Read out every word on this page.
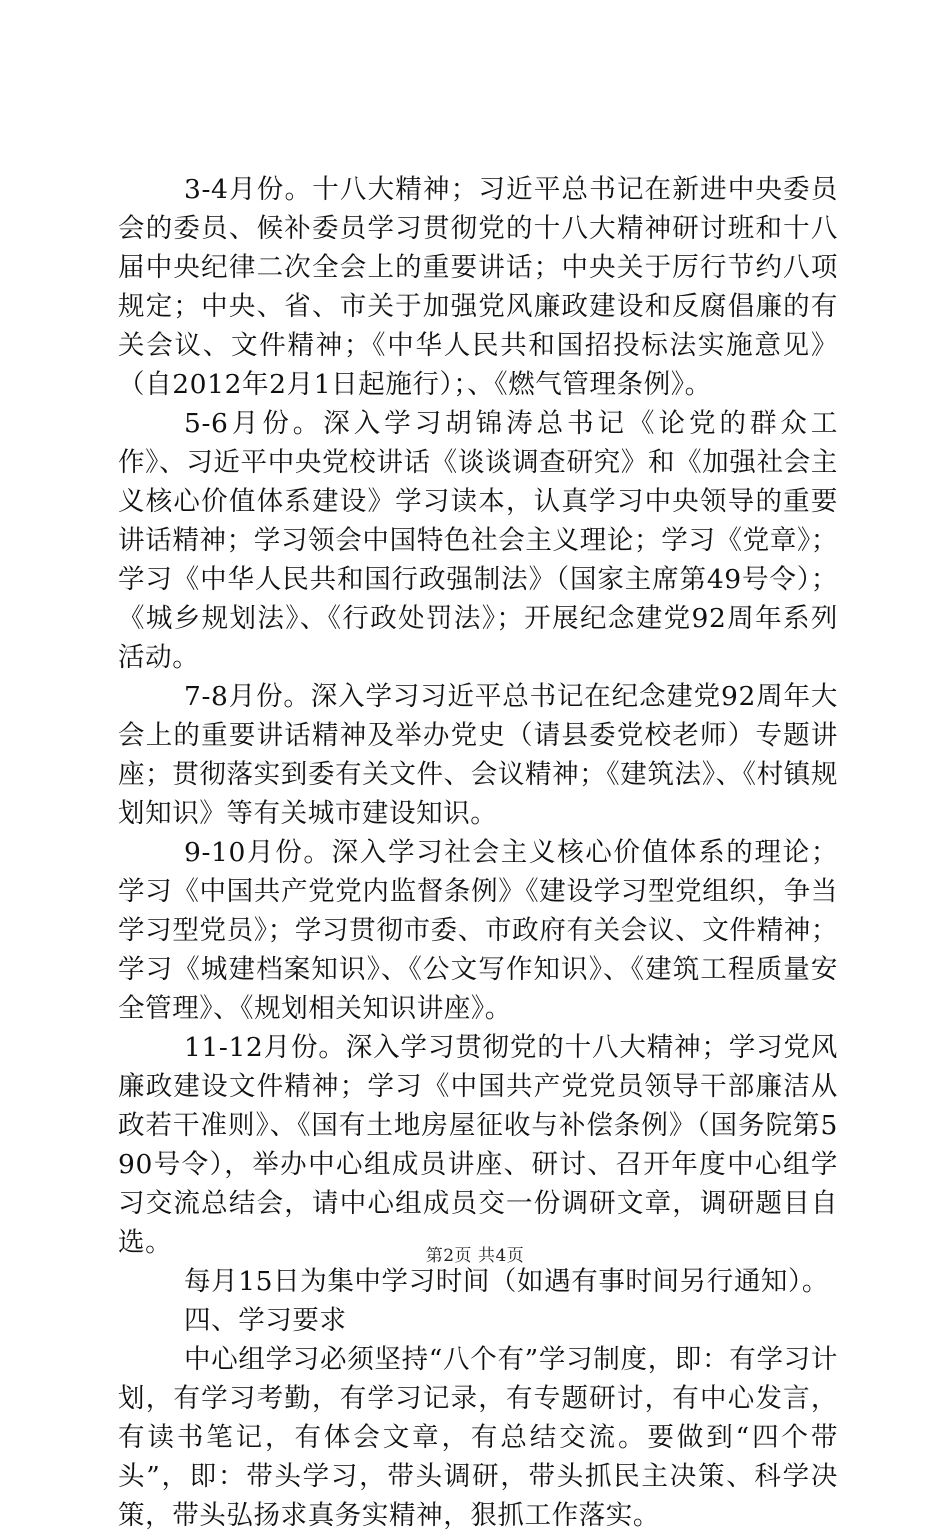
3-4月份。十八大精神；习近平总书记在新进中央委员会的委员、候补委员学习贯彻党的十八大精神研讨班和十八届中央纪律二次全会上的重要讲话；中央关于厉行节约八项规定；中央、省、市关于加强党风廉政建设和反腐倡廉的有关会议、文件精神；《中华人民共和国招投标法实施意见》（自2012年2月1日起施行）；、《燃气管理条例》。

5-6月份。深入学习胡锦涛总书记《论党的群众工作》、习近平中央党校讲话《谈谈调查研究》和《加强社会主义核心价值体系建设》学习读本，认真学习中央领导的重要讲话精神；学习领会中国特色社会主义理论；学习《党章》；学习《中华人民共和国行政强制法》（国家主席第49号令）；《城乡规划法》、《行政处罚法》；开展纪念建党92周年系列活动。

7-8月份。深入学习习近平总书记在纪念建党92周年大会上的重要讲话精神及举办党史（请县委党校老师）专题讲座；贯彻落实到委有关文件、会议精神；《建筑法》、《村镇规划知识》等有关城市建设知识。

9-10月份。深入学习社会主义核心价值体系的理论；学习《中国共产党党内监督条例》《建设学习型党组织，争当学习型党员》；学习贯彻市委、市政府有关会议、文件精神；学习《城建档案知识》、《公文写作知识》、《建筑工程质量安全管理》、《规划相关知识讲座》。

11-12月份。深入学习贯彻党的十八大精神；学习党风廉政建设文件精神；学习《中国共产党党员领导干部廉洁从政若干准则》、《国有土地房屋征收与补偿条例》（国务院第590号令），举办中心组成员讲座、研讨、召开年度中心组学习交流总结会，请中心组成员交一份调研文章，调研题目自选。

每月15日为集中学习时间（如遇有事时间另行通知）。

四、学习要求

中心组学习必须坚持“八个有”学习制度，即：有学习计划，有学习考勤，有学习记录，有专题研讨，有中心发言，有读书笔记，有体会文章，有总结交流。要做到“四个带头”，即：带头学习，带头调研，带头抓民主决策、科学决策，带头弘扬求真务实精神，狠抓工作落实。

第2页 共4页
